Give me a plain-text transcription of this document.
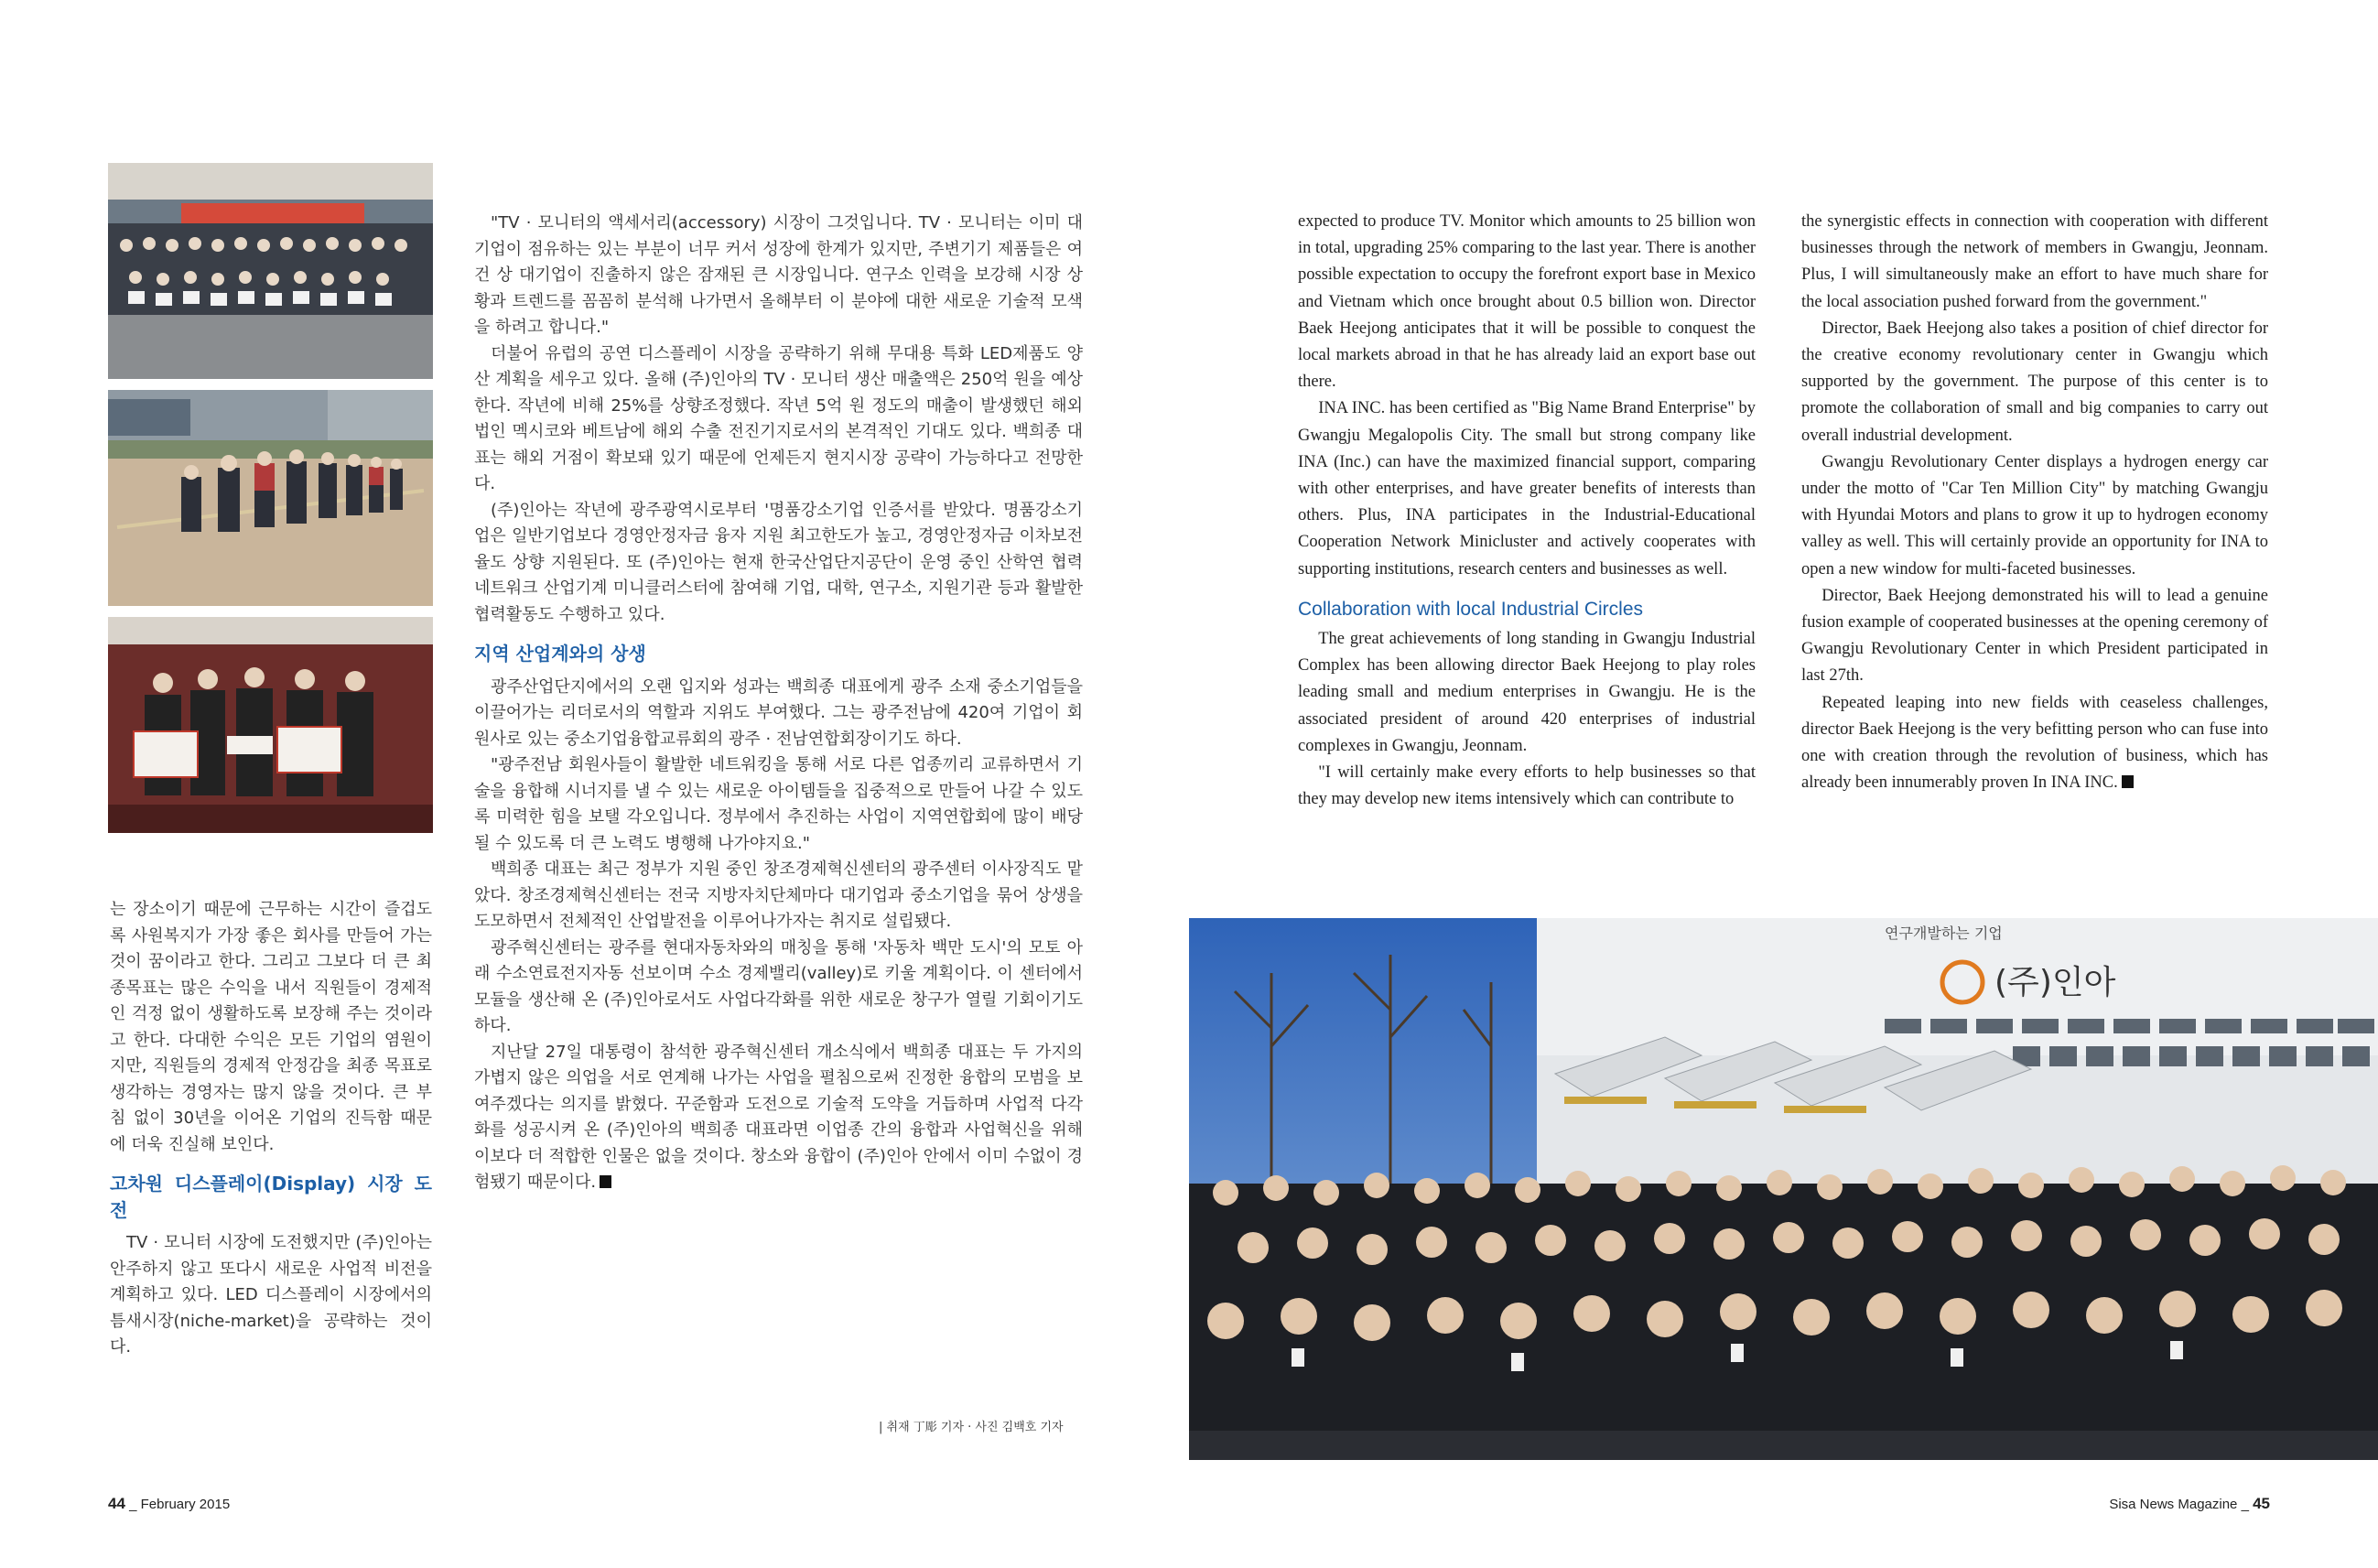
는 장소이기 때문에 근무하는 시간이 즐겁도록 사원복지가 가장 좋은 회사를 만들어 가는 것이 꿈이라고 한다. 그리고 그보다 더 큰 최종목표는 많은 수익을 내서 직원들이 경제적인 걱정 없이 생활하도록 보장해 주는 것이라고 한다. 다대한 수익은 모든 기업의 염원이지만, 직원들의 경제적 안정감을 최종 목표로 생각하는 경영자는 많지 않을 것이다. 큰 부침 없이 30년을 이어온 기업의 진득함 때문에 더욱 진실해 보인다.

고차원 디스플레이(Display) 시장 도전

TV · 모니터 시장에 도전했지만 (주)인아는 안주하지 않고 또다시 새로운 사업적 비전을 계획하고 있다. LED 디스플레이 시장에서의 틈새시장(niche-market)을 공략하는 것이다.

"TV · 모니터의 액세서리(accessory) 시장이 그것입니다. TV · 모니터는 이미 대기업이 점유하는 있는 부분이 너무 커서 성장에 한계가 있지만, 주변기기 제품들은 여건 상 대기업이 진출하지 않은 잠재된 큰 시장입니다. 연구소 인력을 보강해 시장 상황과 트렌드를 꼼꼼히 분석해 나가면서 올해부터 이 분야에 대한 새로운 기술적 모색을 하려고 합니다."

더불어 유럽의 공연 디스플레이 시장을 공략하기 위해 무대용 특화 LED제품도 양산 계획을 세우고 있다. 올해 (주)인아의 TV · 모니터 생산 매출액은 250억 원을 예상한다. 작년에 비해 25%를 상향조정했다. 작년 5억 원 정도의 매출이 발생했던 해외 법인 멕시코와 베트남에 해외 수출 전진기지로서의 본격적인 기대도 있다. 백희종 대표는 해외 거점이 확보돼 있기 때문에 언제든지 현지시장 공략이 가능하다고 전망한다.

(주)인아는 작년에 광주광역시로부터 '명품강소기업 인증서를 받았다. 명품강소기업은 일반기업보다 경영안정자금 융자 지원 최고한도가 높고, 경영안정자금 이차보전율도 상향 지원된다. 또 (주)인아는 현재 한국산업단지공단이 운영 중인 산학연 협력 네트워크 산업기계 미니클러스터에 참여해 기업, 대학, 연구소, 지원기관 등과 활발한 협력활동도 수행하고 있다.

지역 산업계와의 상생

광주산업단지에서의 오랜 입지와 성과는 백희종 대표에게 광주 소재 중소기업들을 이끌어가는 리더로서의 역할과 지위도 부여했다. 그는 광주전남에 420여 기업이 회원사로 있는 중소기업융합교류회의 광주 · 전남연합회장이기도 하다.

"광주전남 회원사들이 활발한 네트워킹을 통해 서로 다른 업종끼리 교류하면서 기술을 융합해 시너지를 낼 수 있는 새로운 아이템들을 집중적으로 만들어 나갈 수 있도록 미력한 힘을 보탤 각오입니다. 정부에서 추진하는 사업이 지역연합회에 많이 배당될 수 있도록 더 큰 노력도 병행해 나가야지요."

백희종 대표는 최근 정부가 지원 중인 창조경제혁신센터의 광주센터 이사장직도 맡았다. 창조경제혁신센터는 전국 지방자치단체마다 대기업과 중소기업을 묶어 상생을 도모하면서 전체적인 산업발전을 이루어나가자는 취지로 설립됐다.

광주혁신센터는 광주를 현대자동차와의 매칭을 통해 '자동차 백만 도시'의 모토 아래 수소연료전지자동 선보이며 수소 경제밸리(valley)로 키울 계획이다. 이 센터에서 모듈을 생산해 온 (주)인아로서도 사업다각화를 위한 새로운 창구가 열릴 기회이기도 하다.

지난달 27일 대통령이 참석한 광주혁신센터 개소식에서 백희종 대표는 두 가지의 가볍지 않은 의업을 서로 연계해 나가는 사업을 펼침으로써 진정한 융합의 모범을 보여주겠다는 의지를 밝혔다. 꾸준함과 도전으로 기술적 도약을 거듭하며 사업적 다각화를 성공시켜 온 (주)인아의 백희종 대표라면 이업종 간의 융합과 사업혁신을 위해 이보다 더 적합한 인물은 없을 것이다. 창소와 융합이 (주)인아 안에서 이미 수없이 경험됐기 때문이다.

| 취재 丁彫 기자 · 사진 김백호 기자
44 _ February 2015

expected to produce TV. Monitor which amounts to 25 billion won in total, upgrading 25% comparing to the last year. There is another possible expectation to occupy the forefront export base in Mexico and Vietnam which once brought about 0.5 billion won. Director Baek Heejong anticipates that it will be possible to conquest the local markets abroad in that he has already laid an export base out there.

INA INC. has been certified as "Big Name Brand Enterprise" by Gwangju Megalopolis City. The small but strong company like INA (Inc.) can have the maximized financial support, comparing with other enterprises, and have greater benefits of interests than others. Plus, INA participates in the Industrial-Educational Cooperation Network Minicluster and actively cooperates with supporting institutions, research centers and businesses as well.

Collaboration with local Industrial Circles

The great achievements of long standing in Gwangju Industrial Complex has been allowing director Baek Heejong to play roles leading small and medium enterprises in Gwangju. He is the associated president of around 420 enterprises of industrial complexes in Gwangju, Jeonnam.

"I will certainly make every efforts to help businesses so that they may develop new items intensively which can contribute to

the synergistic effects in connection with cooperation with different businesses through the network of members in Gwangju, Jeonnam. Plus, I will simultaneously make an effort to have much share for the local association pushed forward from the government."

Director, Baek Heejong also takes a position of chief director for the creative economy revolutionary center in Gwangju which supported by the government. The purpose of this center is to promote the collaboration of small and big companies to carry out overall industrial development.

Gwangju Revolutionary Center displays a hydrogen energy car under the motto of "Car Ten Million City" by matching Gwangju with Hyundai Motors and plans to grow it up to hydrogen economy valley as well. This will certainly provide an opportunity for INA to open a new window for multi-faceted businesses.

Director, Baek Heejong demonstrated his will to lead a genuine fusion example of cooperated businesses at the opening ceremony of Gwangju Revolutionary Center in which President participated in last 27th.

Repeated leaping into new fields with ceaseless challenges, director Baek Heejong is the very befitting person who can fuse into one with creation through the revolution of business, which has already been innumerably proven In INA INC.

(주)인아
연구개발하는 기업
Sisa News Magazine _ 45
